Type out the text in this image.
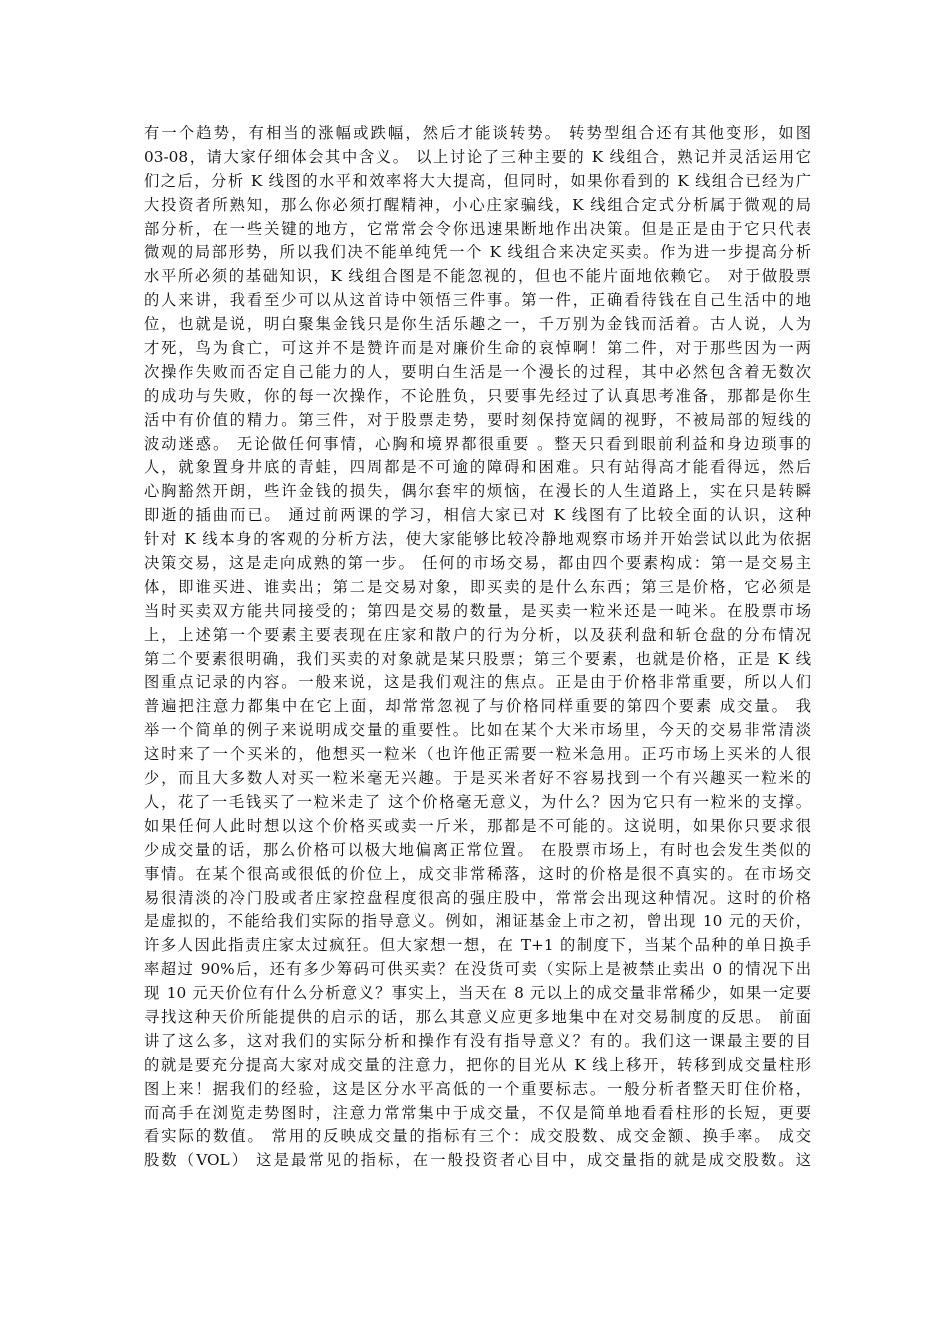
有一个趋势，有相当的涨幅或跌幅，然后才能谈转势。 转势型组合还有其他变形，如图
03-08，请大家仔细体会其中含义。 以上讨论了三种主要的 K 线组合，熟记并灵活运用它
们之后，分析 K 线图的水平和效率将大大提高，但同时，如果你看到的 K 线组合已经为广
大投资者所熟知，那么你必须打醒精神，小心庄家骗线，K 线组合定式分析属于微观的局
部分析，在一些关键的地方，它常常会令你迅速果断地作出决策。但是正是由于它只代表
微观的局部形势，所以我们决不能单纯凭一个 K 线组合来决定买卖。作为进一步提高分析
水平所必须的基础知识，K 线组合图是不能忽视的，但也不能片面地依赖它。 对于做股票
的人来讲，我看至少可以从这首诗中领悟三件事。第一件，正确看待钱在自己生活中的地
位，也就是说，明白聚集金钱只是你生活乐趣之一，千万别为金钱而活着。古人说，人为
才死，鸟为食亡，可这并不是赞许而是对廉价生命的哀悼啊！第二件，对于那些因为一两
次操作失败而否定自己能力的人，要明白生活是一个漫长的过程，其中必然包含着无数次
的成功与失败，你的每一次操作，不论胜负，只要事先经过了认真思考准备，那都是你生
活中有价值的精力。第三件，对于股票走势，要时刻保持宽阔的视野，不被局部的短线的
波动迷惑。 无论做任何事情，心胸和境界都很重要 。整天只看到眼前利益和身边琐事的
人，就象置身井底的青蛙，四周都是不可逾的障碍和困难。只有站得高才能看得远，然后
心胸豁然开朗，些许金钱的损失，偶尔套牢的烦恼，在漫长的人生道路上，实在只是转瞬
即逝的插曲而已。 通过前两课的学习，相信大家已对 K 线图有了比较全面的认识，这种
针对 K 线本身的客观的分析方法，使大家能够比较冷静地观察市场并开始尝试以此为依据
决策交易，这是走向成熟的第一步。 任何的市场交易，都由四个要素构成：第一是交易主
体，即谁买进、谁卖出；第二是交易对象，即买卖的是什么东西；第三是价格，它必须是
当时买卖双方能共同接受的；第四是交易的数量，是买卖一粒米还是一吨米。在股票市场
上，上述第一个要素主要表现在庄家和散户的行为分析，以及获利盘和斩仓盘的分布情况
第二个要素很明确，我们买卖的对象就是某只股票；第三个要素，也就是价格，正是 K 线
图重点记录的内容。一般来说，这是我们观注的焦点。正是由于价格非常重要，所以人们
普遍把注意力都集中在它上面，却常常忽视了与价格同样重要的第四个要素 成交量。 我
举一个简单的例子来说明成交量的重要性。比如在某个大米市场里，今天的交易非常清淡
这时来了一个买米的，他想买一粒米（也许他正需要一粒米急用。正巧市场上买米的人很
少，而且大多数人对买一粒米毫无兴趣。于是买米者好不容易找到一个有兴趣买一粒米的
人，花了一毛钱买了一粒米走了 这个价格毫无意义，为什么？因为它只有一粒米的支撑。
如果任何人此时想以这个价格买或卖一斤米，那都是不可能的。这说明，如果你只要求很
少成交量的话，那么价格可以极大地偏离正常位置。 在股票市场上，有时也会发生类似的
事情。在某个很高或很低的价位上，成交非常稀落，这时的价格是很不真实的。在市场交
易很清淡的冷门股或者庄家控盘程度很高的强庄股中，常常会出现这种情况。这时的价格
是虚拟的，不能给我们实际的指导意义。例如，湘证基金上市之初，曾出现 10 元的天价，
许多人因此指责庄家太过疯狂。但大家想一想，在 T+1 的制度下，当某个品种的单日换手
率超过 90%后，还有多少筹码可供买卖？在没货可卖（实际上是被禁止卖出 0 的情况下出
现 10 元天价位有什么分析意义？事实上，当天在 8 元以上的成交量非常稀少，如果一定要
寻找这种天价所能提供的启示的话，那么其意义应更多地集中在对交易制度的反思。 前面
讲了这么多，这对我们的实际分析和操作有没有指导意义？有的。我们这一课最主要的目
的就是要充分提高大家对成交量的注意力，把你的目光从 K 线上移开，转移到成交量柱形
图上来！据我们的经验，这是区分水平高低的一个重要标志。一般分析者整天盯住价格，
而高手在浏览走势图时，注意力常常集中于成交量，不仅是简单地看看柱形的长短，更要
看实际的数值。 常用的反映成交量的指标有三个：成交股数、成交金额、换手率。 成交
股数（VOL） 这是最常见的指标，在一般投资者心目中，成交量指的就是成交股数。这
